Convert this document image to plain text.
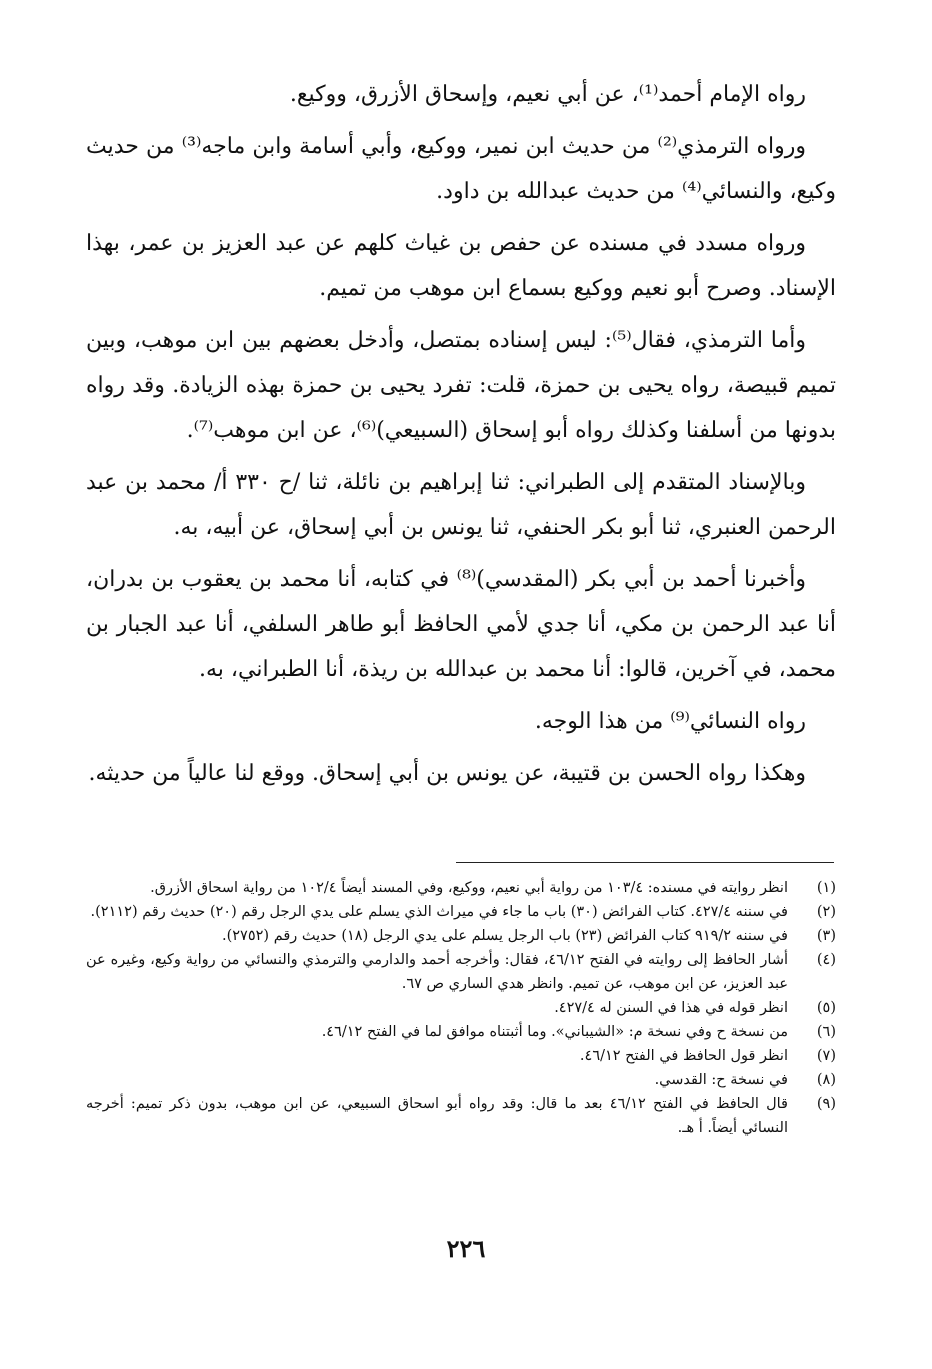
رواه الإمام أحمد⁽¹⁾، عن أبي نعيم، وإسحاق الأزرق، ووكيع.

ورواه الترمذي⁽²⁾ من حديث ابن نمير، ووكيع، وأبي أسامة وابن ماجه⁽³⁾ من حديث وكيع، والنسائي⁽⁴⁾ من حديث عبدالله بن داود.

ورواه مسدد في مسنده عن حفص بن غياث كلهم عن عبد العزيز بن عمر، بهذا الإسناد. وصرح أبو نعيم ووكيع بسماع ابن موهب من تميم.

وأما الترمذي، فقال⁽⁵⁾: ليس إسناده بمتصل، وأدخل بعضهم بين ابن موهب، وبين تميم قبيصة، رواه يحيى بن حمزة، قلت: تفرد يحيى بن حمزة بهذه الزيادة. وقد رواه بدونها من أسلفنا وكذلك رواه أبو إسحاق (السبيعي)⁽⁶⁾، عن ابن موهب⁽⁷⁾.

وبالإسناد المتقدم إلى الطبراني: ثنا إبراهيم بن نائلة، ثنا /ح ٣٣٠ أ/ محمد بن عبد الرحمن العنبري، ثنا أبو بكر الحنفي، ثنا يونس بن أبي إسحاق، عن أبيه، به.

وأخبرنا أحمد بن أبي بكر (المقدسي)⁽⁸⁾ في كتابه، أنا محمد بن يعقوب بن بدران، أنا عبد الرحمن بن مكي، أنا جدي لأمي الحافظ أبو طاهر السلفي، أنا عبد الجبار بن محمد، في آخرين، قالوا: أنا محمد بن عبدالله بن ريذة، أنا الطبراني، به.

رواه النسائي⁽⁹⁾ من هذا الوجه.

وهكذا رواه الحسن بن قتيبة، عن يونس بن أبي إسحاق. ووقع لنا عالياً من حديثه.

(١)
انظر روايته في مسنده: ١٠٣/٤ من رواية أبي نعيم، ووكيع، وفي المسند أيضاً ١٠٢/٤ من رواية اسحاق الأزرق.
(٢)
في سننه ٤٢٧/٤. كتاب الفرائض (٣٠) باب ما جاء في ميراث الذي يسلم على يدي الرجل رقم (٢٠) حديث رقم (٢١١٢).
(٣)
في سننه ٩١٩/٢ كتاب الفرائض (٢٣) باب الرجل يسلم على يدي الرجل (١٨) حديث رقم (٢٧٥٢).
(٤)
أشار الحافظ إلى روايته في الفتح ٤٦/١٢، فقال: وأخرجه أحمد والدارمي والترمذي والنسائي من رواية وكيع، وغيره عن عبد العزيز، عن ابن موهب، عن تميم. وانظر هدي الساري ص ٦٧.
(٥)
انظر قوله في هذا في السنن له ٤٢٧/٤.
(٦)
من نسخة ح وفي نسخة م: «الشيباني». وما أثبتناه موافق لما في الفتح ٤٦/١٢.
(٧)
انظر قول الحافظ في الفتح ٤٦/١٢.
(٨)
في نسخة ح: القدسي.
(٩)
قال الحافظ في الفتح ٤٦/١٢ بعد ما قال: وقد رواه أبو اسحاق السبيعي، عن ابن موهب، بدون ذكر تميم: أخرجه النسائي أيضاً. أ هـ.
٢٢٦
